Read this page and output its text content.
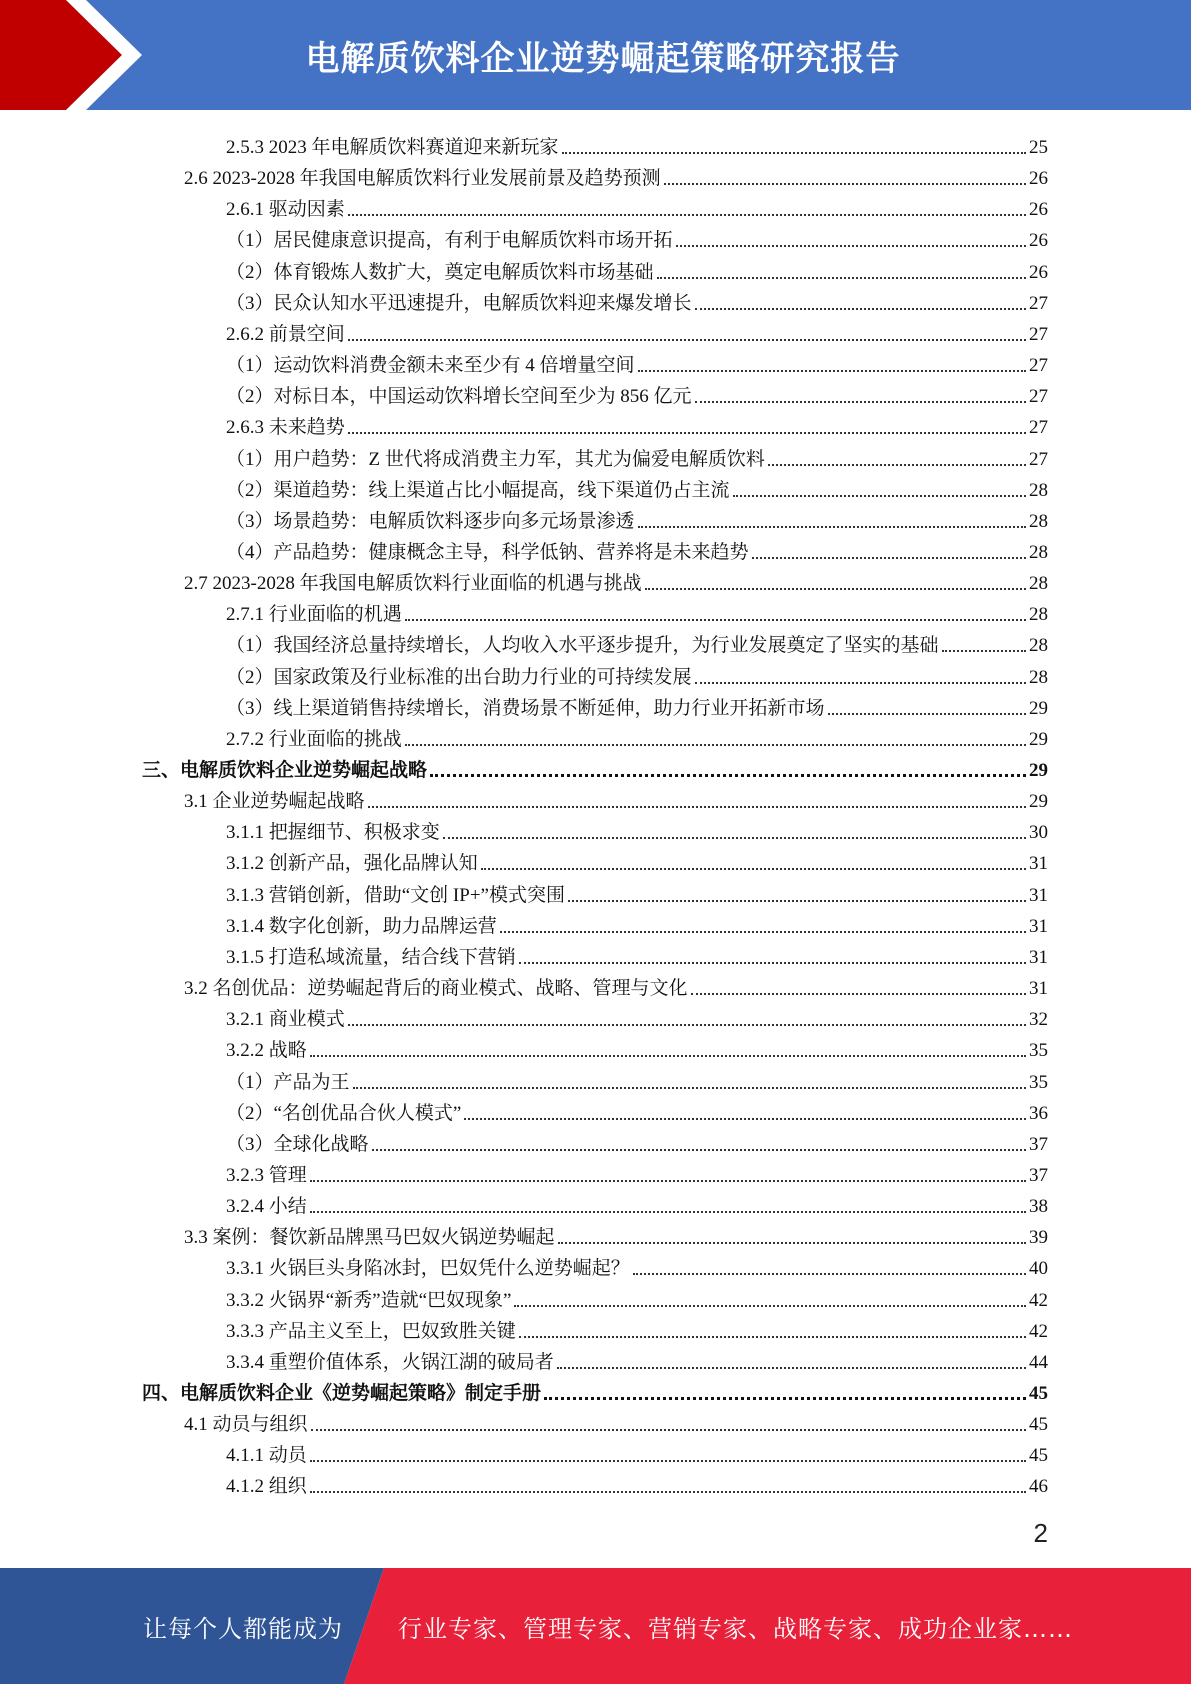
电解质饮料企业逆势崛起策略研究报告
2.5.3 2023 年电解质饮料赛道迎来新玩家	25
2.6 2023-2028 年我国电解质饮料行业发展前景及趋势预测	26
2.6.1 驱动因素	26
（1）居民健康意识提高，有利于电解质饮料市场开拓	26
（2）体育锻炼人数扩大，奠定电解质饮料市场基础	26
（3）民众认知水平迅速提升，电解质饮料迎来爆发增长	27
2.6.2 前景空间	27
（1）运动饮料消费金额未来至少有 4 倍增量空间	27
（2）对标日本，中国运动饮料增长空间至少为 856 亿元	27
2.6.3 未来趋势	27
（1）用户趋势：Z 世代将成消费主力军，其尤为偏爱电解质饮料	27
（2）渠道趋势：线上渠道占比小幅提高，线下渠道仍占主流	28
（3）场景趋势：电解质饮料逐步向多元场景渗透	28
（4）产品趋势：健康概念主导，科学低钠、营养将是未来趋势	28
2.7 2023-2028 年我国电解质饮料行业面临的机遇与挑战	28
2.7.1 行业面临的机遇	28
（1）我国经济总量持续增长，人均收入水平逐步提升，为行业发展奠定了坚实的基础	28
（2）国家政策及行业标准的出台助力行业的可持续发展	28
（3）线上渠道销售持续增长，消费场景不断延伸，助力行业开拓新市场	29
2.7.2 行业面临的挑战	29
三、电解质饮料企业逆势崛起战略	29
3.1 企业逆势崛起战略	29
3.1.1 把握细节、积极求变	30
3.1.2 创新产品，强化品牌认知	31
3.1.3 营销创新，借助“文创 IP+”模式突围	31
3.1.4 数字化创新，助力品牌运营	31
3.1.5 打造私域流量，结合线下营销	31
3.2 名创优品：逆势崛起背后的商业模式、战略、管理与文化	31
3.2.1 商业模式	32
3.2.2 战略	35
（1）产品为王	35
（2）“名创优品合伙人模式”	36
（3）全球化战略	37
3.2.3 管理	37
3.2.4 小结	38
3.3 案例：餐饮新品牌黑马巴奴火锅逆势崛起	39
3.3.1 火锅巨头身陷冰封，巴奴凭什么逆势崛起？	40
3.3.2 火锅界“新秀”造就“巴奴现象”	42
3.3.3 产品主义至上，巴奴致胜关键	42
3.3.4 重塑价值体系，火锅江湖的破局者	44
四、电解质饮料企业《逆势崛起策略》制定手册	45
4.1 动员与组织	45
4.1.1 动员	45
4.1.2 组织	46
2
让每个人都能成为 行业专家、管理专家、营销专家、战略专家、成功企业家……
